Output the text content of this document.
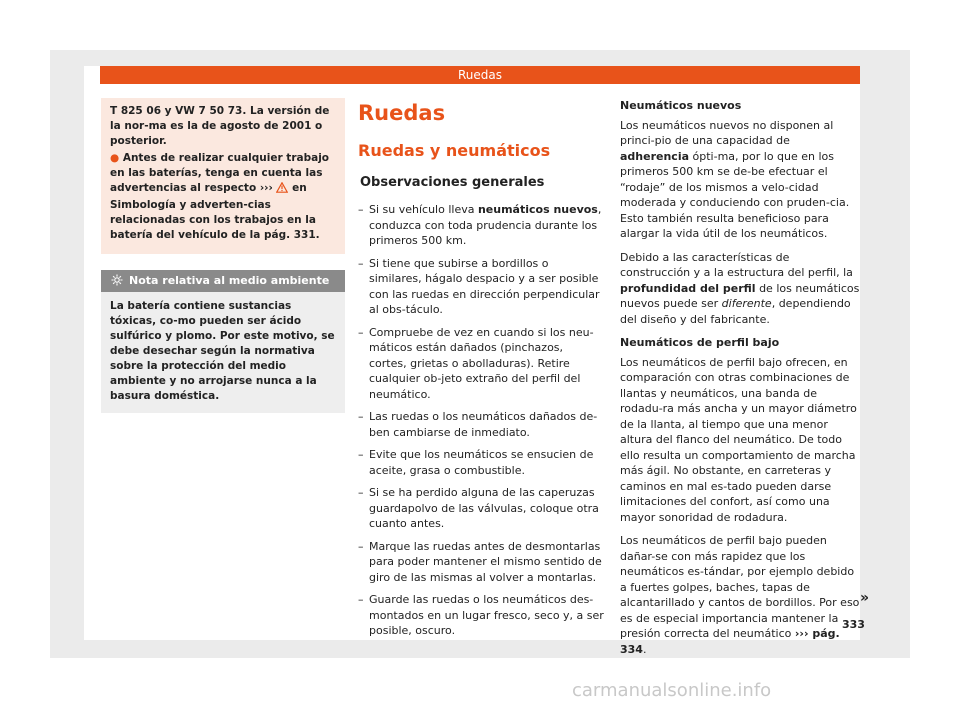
Ruedas

T 825 06 y VW 7 50 73. La versión de la nor-ma es la de agosto de 2001 o posterior.

● Antes de realizar cualquier trabajo en las baterías, tenga en cuenta las advertencias al respecto ››› en Simbología y adverten-cias relacionadas con los trabajos en la batería del vehículo de la pág. 331.

Nota relativa al medio ambiente
La batería contiene sustancias tóxicas, co-mo pueden ser ácido sulfúrico y plomo. Por este motivo, se debe desechar según la normativa sobre la protección del medio ambiente y no arrojarse nunca a la basura doméstica.
Ruedas
Ruedas y neumáticos
Observaciones generales
– Si su vehículo lleva neumáticos nuevos, conduzca con toda prudencia durante los primeros 500 km.
– Si tiene que subirse a bordillos o similares, hágalo despacio y a ser posible con las ruedas en dirección perpendicular al obs-táculo.
– Compruebe de vez en cuando si los neu-máticos están dañados (pinchazos, cortes, grietas o abolladuras). Retire cualquier ob-jeto extraño del perfil del neumático.
– Las ruedas o los neumáticos dañados de-ben cambiarse de inmediato.
– Evite que los neumáticos se ensucien de aceite, grasa o combustible.
– Si se ha perdido alguna de las caperuzas guardapolvo de las válvulas, coloque otra cuanto antes.
– Marque las ruedas antes de desmontarlas para poder mantener el mismo sentido de giro de las mismas al volver a montarlas.
– Guarde las ruedas o los neumáticos des-montados en un lugar fresco, seco y, a ser posible, oscuro.
Neumáticos nuevos

Los neumáticos nuevos no disponen al princi-pio de una capacidad de adherencia ópti-ma, por lo que en los primeros 500 km se de-be efectuar el “rodaje” de los mismos a velo-cidad moderada y conduciendo con pruden-cia. Esto también resulta beneficioso para alargar la vida útil de los neumáticos.

Debido a las características de construcción y a la estructura del perfil, la profundidad del perfil de los neumáticos nuevos puede ser diferente, dependiendo del diseño y del fabricante.

Neumáticos de perfil bajo

Los neumáticos de perfil bajo ofrecen, en comparación con otras combinaciones de llantas y neumáticos, una banda de rodadu-ra más ancha y un mayor diámetro de la llanta, al tiempo que una menor altura del flanco del neumático. De todo ello resulta un comportamiento de marcha más ágil. No obstante, en carreteras y caminos en mal es-tado pueden darse limitaciones del confort, así como una mayor sonoridad de rodadura.

Los neumáticos de perfil bajo pueden dañar-se con más rapidez que los neumáticos es-tándar, por ejemplo debido a fuertes golpes, baches, tapas de alcantarillado y cantos de bordillos. Por eso es de especial importancia mantener la presión correcta del neumático ››› pág. 334.

»
333
carmanualsonline.info
